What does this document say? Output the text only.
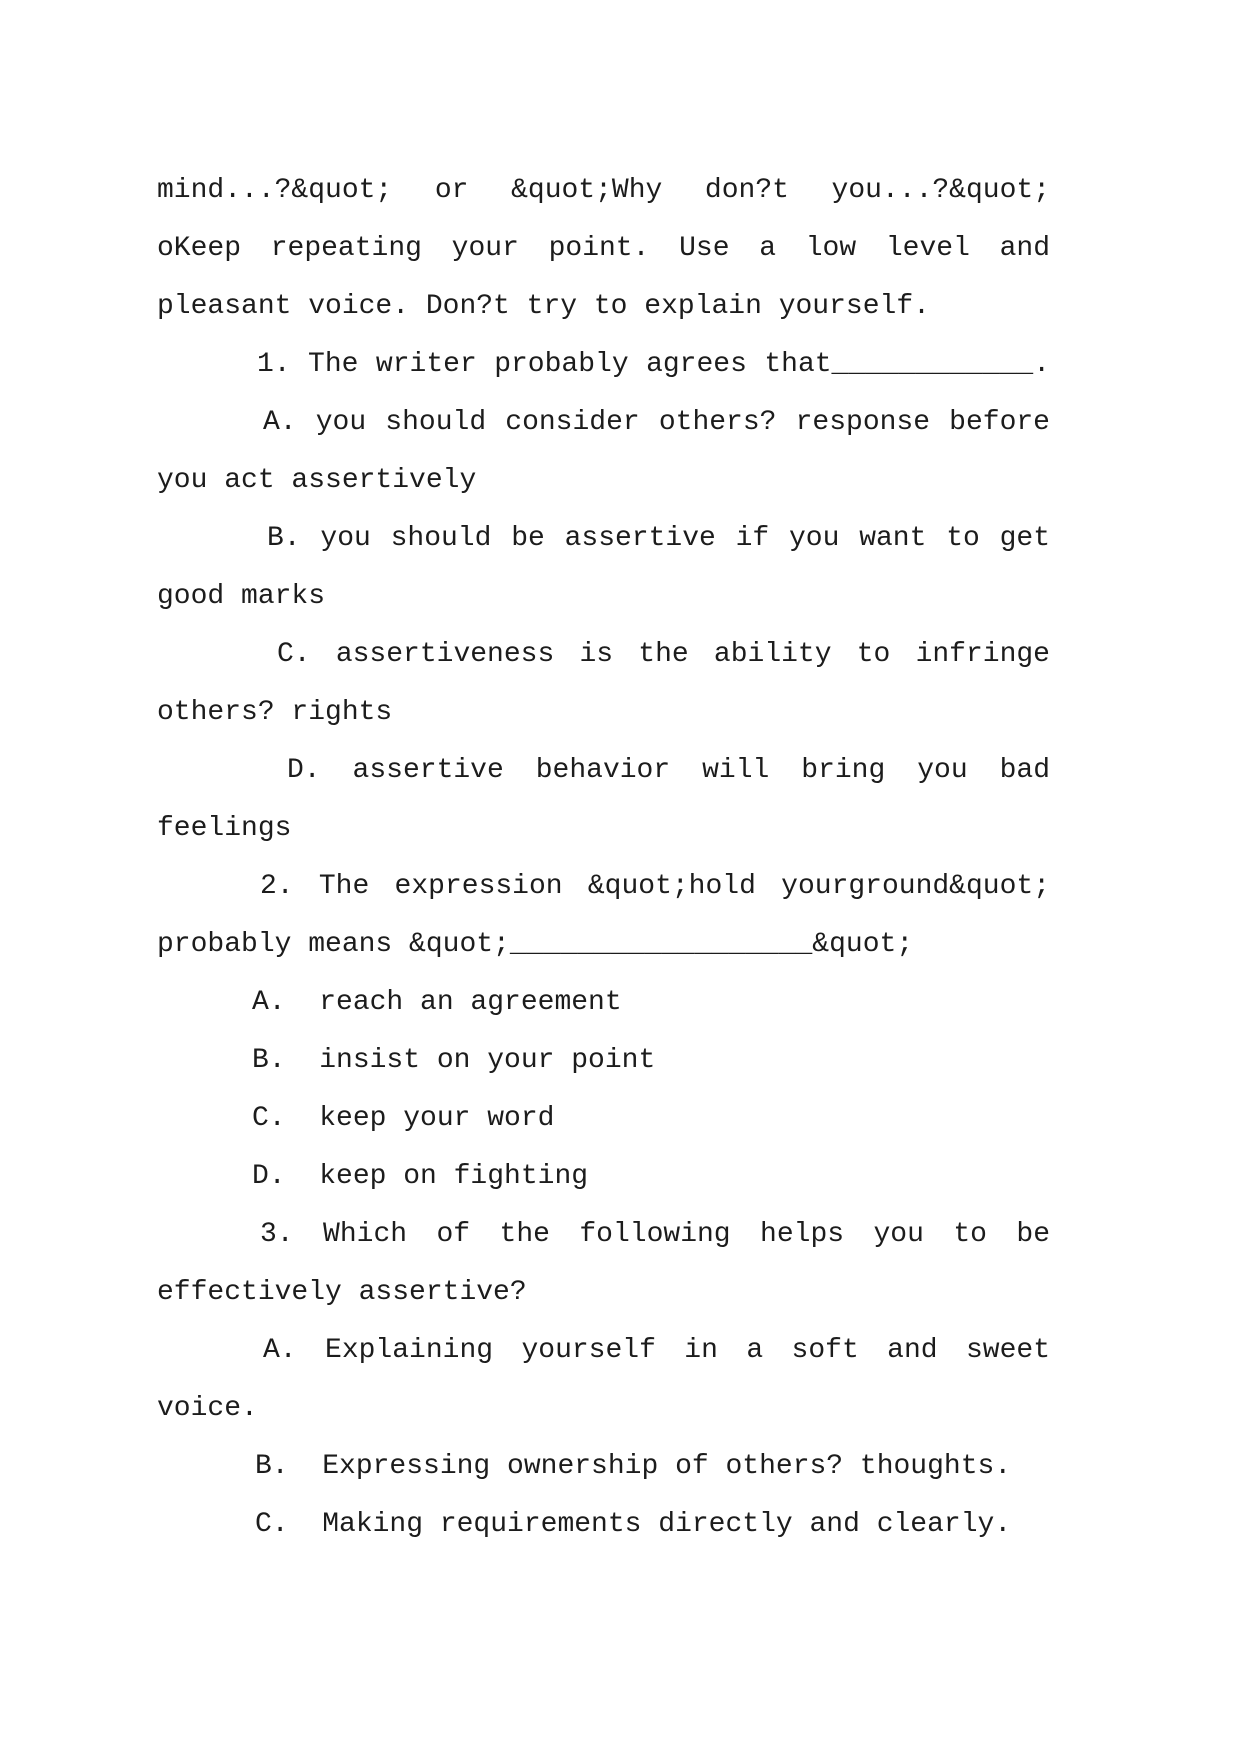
mind...?&quot; or &quot;Why don?t you...?&quot;
oKeep repeating your point. Use a low level and
pleasant voice. Don?t try to explain yourself.
1. The writer probably agrees that____________.
A. you should consider others? response before
you act assertively
B. you should be assertive if you want to get
good marks
C. assertiveness is the ability to infringe
others? rights
D. assertive behavior will bring you bad
feelings
2. The expression &quot;hold yourground&quot;
probably means &quot;__________________&quot;
A.  reach an agreement
B.  insist on your point
C.  keep your word
D.  keep on fighting
3. Which of the following helps you to be
effectively assertive?
A. Explaining yourself in a soft and sweet
voice.
B.  Expressing ownership of others? thoughts.
C.  Making requirements directly and clearly.
